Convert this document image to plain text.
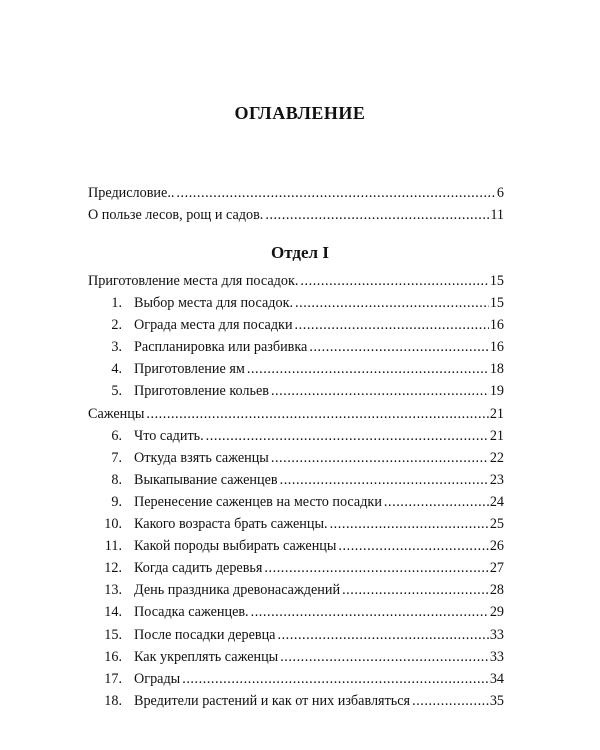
ОГЛАВЛЕНИЕ
Предисловие.. . . .	6
О пользе лесов, рощ и садов. . . .	11
Отдел I
Приготовление места для посадок. . . .	15
1. Выбор места для посадок. . . .	15
2. Ограда места для посадки . . .	16
3. Распланировка или разбивка . . .	16
4. Приготовление ям . . .	18
5. Приготовление кольев . . .	19
Саженцы . . .	21
6. Что садить. . . .	21
7. Откуда взять саженцы . . .	22
8. Выкапывание саженцев . . .	23
9. Перенесение саженцев на место посадки . . .	24
10. Какого возраста брать саженцы. . . .	25
11. Какой породы выбирать саженцы . . .	26
12. Когда садить деревья . . .	27
13. День праздника древонасаждений . . .	28
14. Посадка саженцев. . . .	29
15. После посадки деревца . . .	33
16. Как укреплять саженцы . . .	33
17. Ограды . . .	34
18. Вредители растений и как от них избавляться . . .	35
